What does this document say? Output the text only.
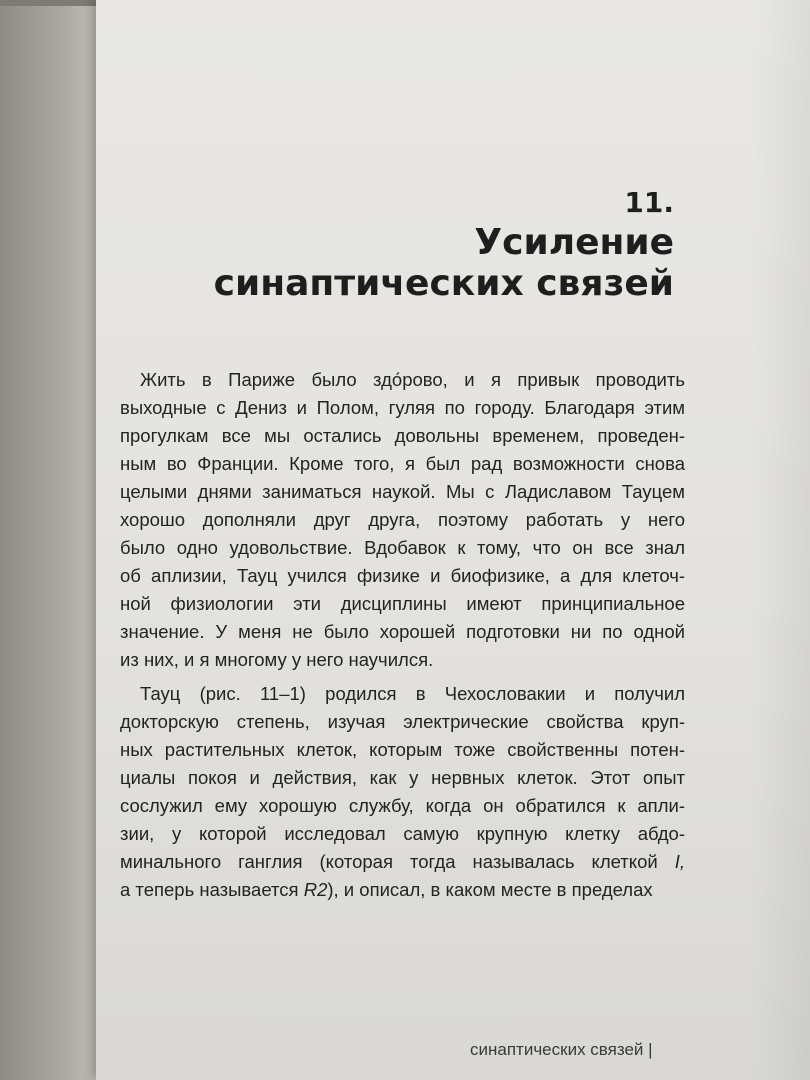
11.
Усиление
синаптических связей
Жить в Париже было здо́рово, и я привык проводить
выходные с Дениз и Полом, гуляя по городу. Благодаря этим
прогулкам все мы остались довольны временем, проведен-
ным во Франции. Кроме того, я был рад возможности снова
целыми днями заниматься наукой. Мы с Ладиславом Тауцем
хорошо дополняли друг друга, поэтому работать у него
было одно удовольствие. Вдобавок к тому, что он все знал
об аплизии, Тауц учился физике и биофизике, а для клеточ-
ной физиологии эти дисциплины имеют принципиальное
значение. У меня не было хорошей подготовки ни по одной
из них, и я многому у него научился.
Тауц (рис. 11–1) родился в Чехословакии и получил
докторскую степень, изучая электрические свойства круп-
ных растительных клеток, которым тоже свойственны потен-
циалы покоя и действия, как у нервных клеток. Этот опыт
сослужил ему хорошую службу, когда он обратился к апли-
зии, у которой исследовал самую крупную клетку абдо-
минального ганглия (которая тогда называлась клеткой I,
а теперь называется R2), и описал, в каком месте в пределах
синаптических связей |
